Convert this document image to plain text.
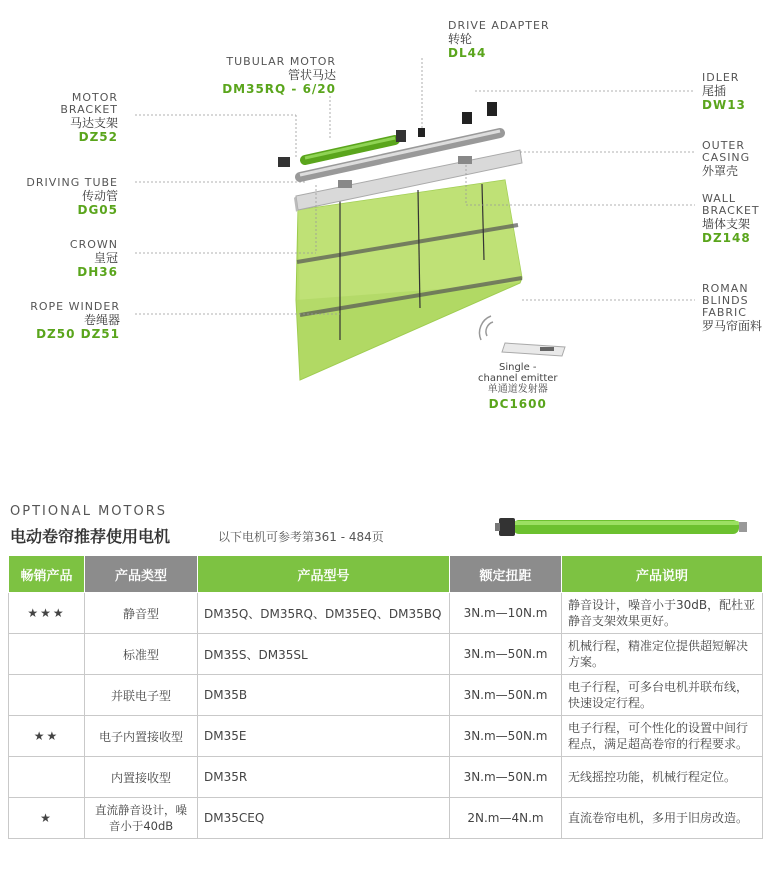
DRIVE ADAPTER
转轮
DL44
TUBULAR MOTOR
管状马达
DM35RQ - 6/20
MOTOR
BRACKET
马达支架
DZ52
IDLER
尾插
DW13
OUTER
CASING
外罩壳
DRIVING TUBE
传动管
DG05
WALL
BRACKET
墙体支架
DZ148
CROWN
皇冠
DH36
ROPE WINDER
卷绳器
DZ50 DZ51
ROMAN
BLINDS
FABRIC
罗马帘面料
Single -
channel emitter
单通道发射器
DC1600
OPTIONAL MOTORS
电动卷帘推荐使用电机	以下电机可参考第361 - 484页
畅销产品	产品类型	产品型号	额定扭距	产品说明
★★★	静音型	DM35Q、DM35RQ、DM35EQ、DM35BQ	3N.m—10N.m	静音设计，噪音小于30dB，配杜亚静音支架效果更好。
	标准型	DM35S、DM35SL	3N.m—50N.m	机械行程，精准定位提供超短解决方案。
	并联电子型	DM35B	3N.m—50N.m	电子行程，可多台电机并联布线，快速设定行程。
★★	电子内置接收型	DM35E	3N.m—50N.m	电子行程，可个性化的设置中间行程点，满足超高卷帘的行程要求。
	内置接收型	DM35R	3N.m—50N.m	无线摇控功能，机械行程定位。
★	直流静音设计，噪音小于40dB	DM35CEQ	2N.m—4N.m	直流卷帘电机，多用于旧房改造。
